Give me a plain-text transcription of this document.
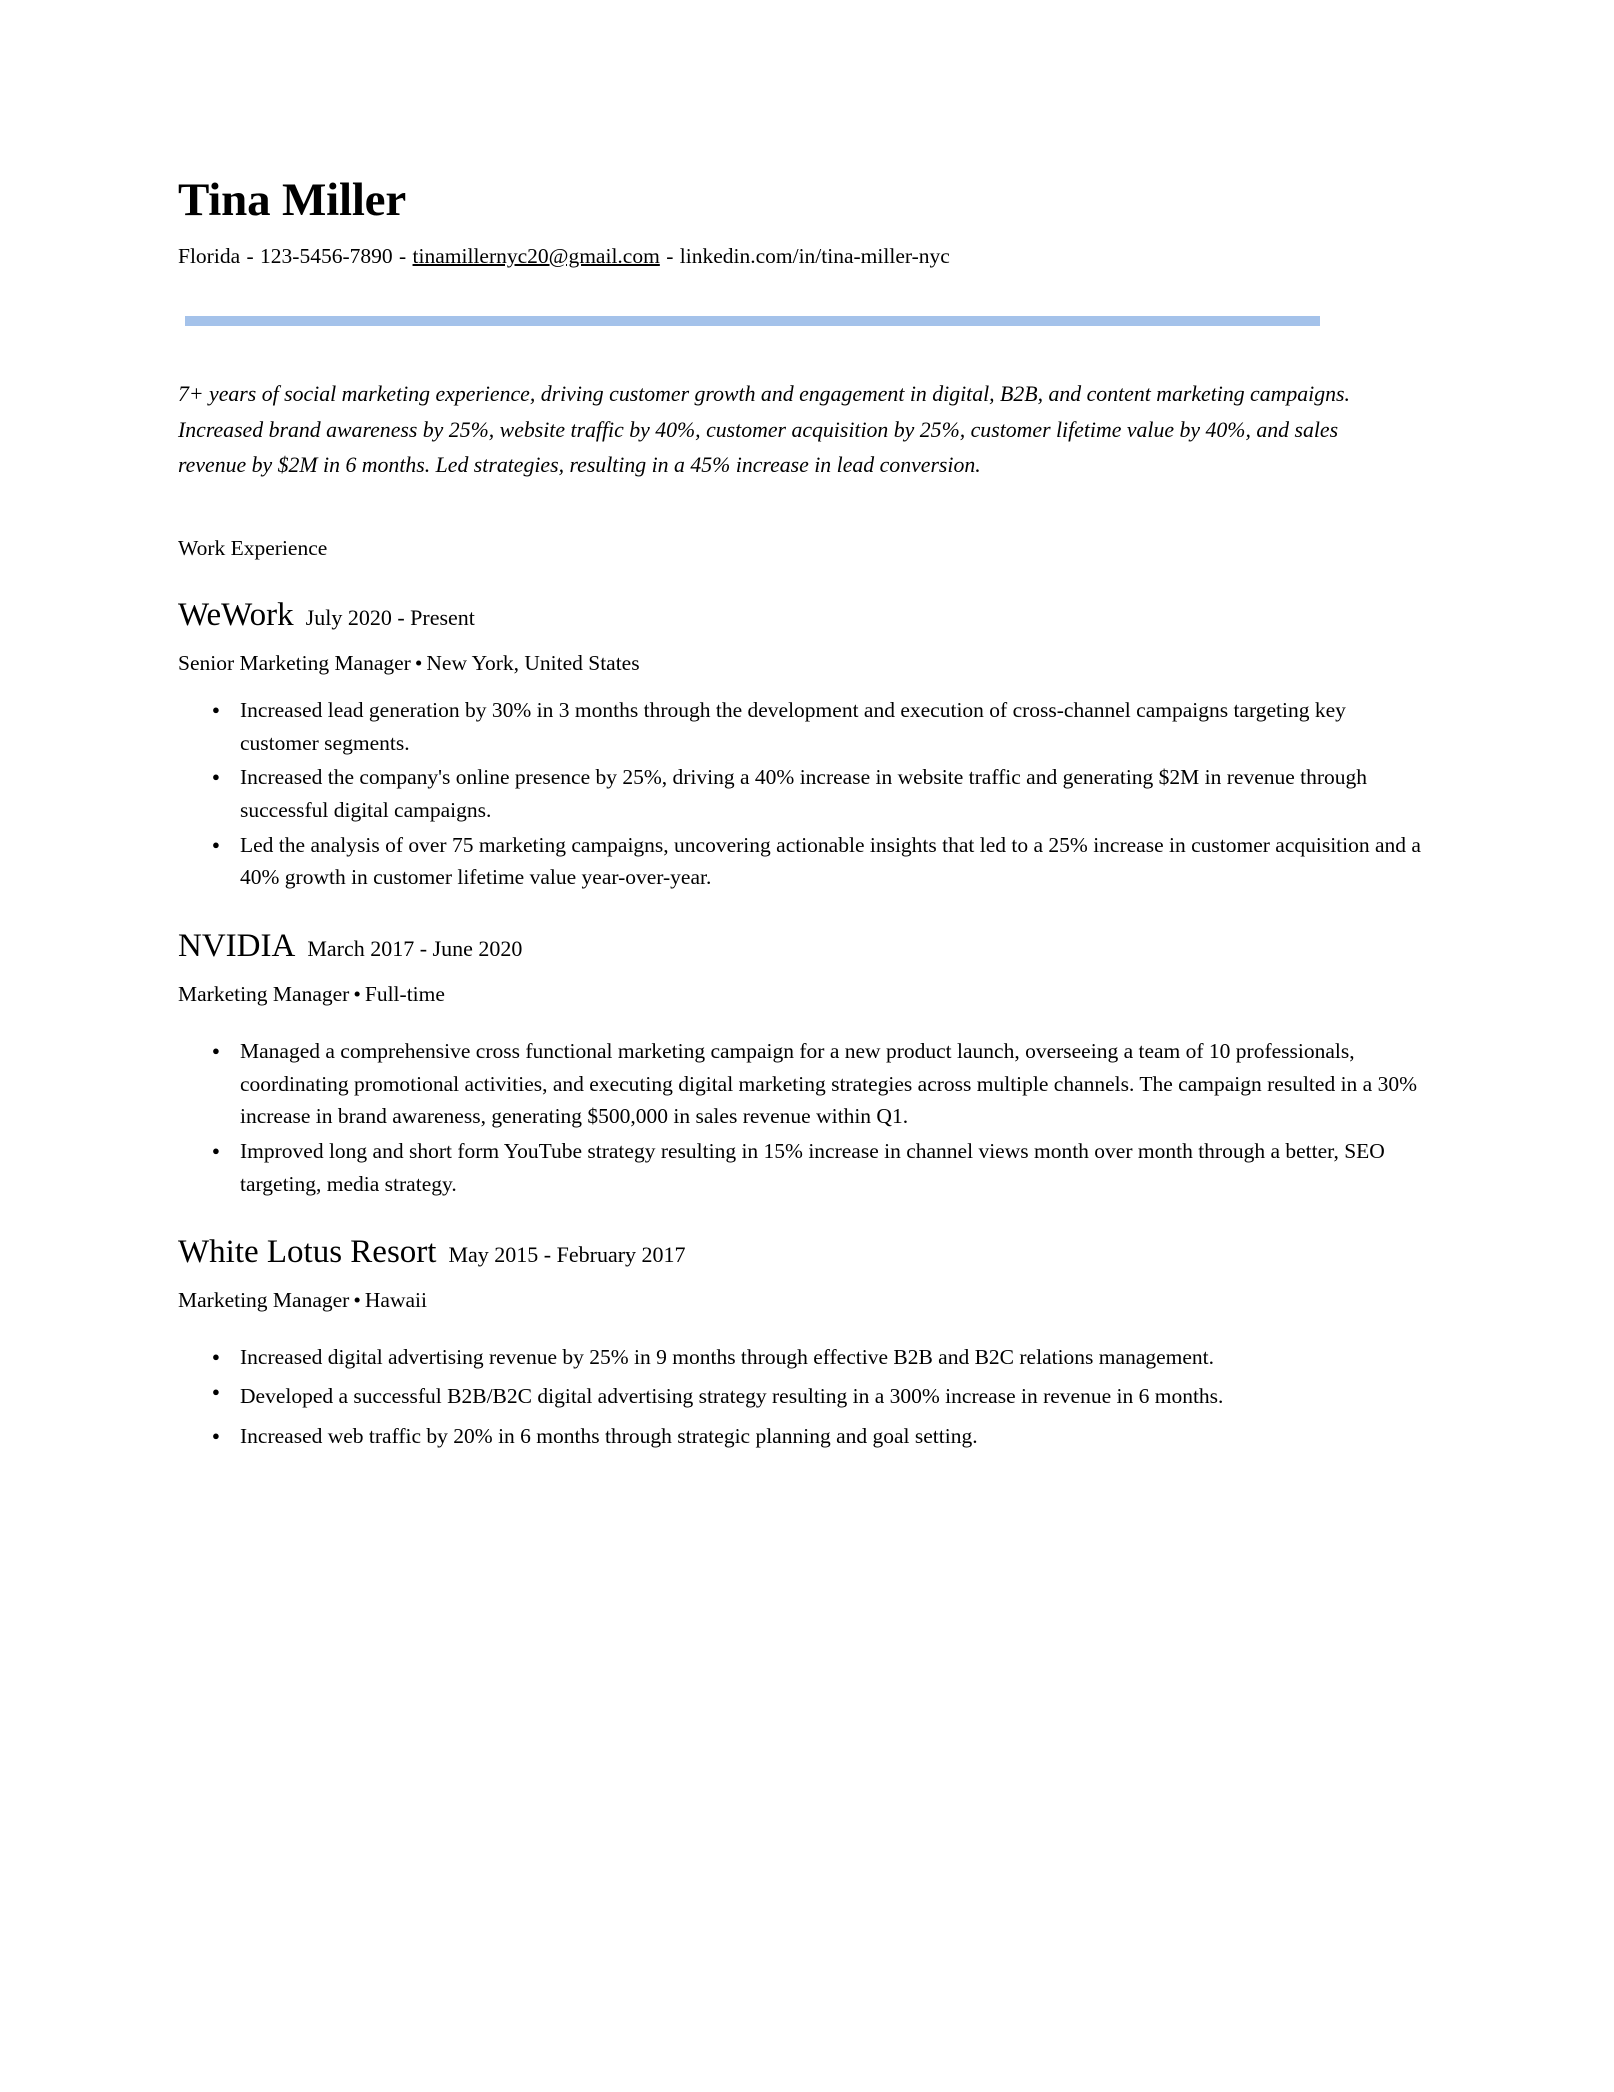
Tina Miller

Florida - 123-5456-7890 - tinamillernyc20@gmail.com - linkedin.com/in/tina-miller-nyc

7+ years of social marketing experience, driving customer growth and engagement in digital, B2B, and content marketing campaigns. Increased brand awareness by 25%, website traffic by 40%, customer acquisition by 25%, customer lifetime value by 40%, and sales revenue by $2M in 6 months. Led strategies, resulting in a 45% increase in lead conversion.

Work Experience
WeWork July 2020 - Present
Senior Marketing Manager • New York, United States
● Increased lead generation by 30% in 3 months through the development and execution of cross-channel campaigns targeting key customer segments.
● Increased the company's online presence by 25%, driving a 40% increase in website traffic and generating $2M in revenue through successful digital campaigns.
● Led the analysis of over 75 marketing campaigns, uncovering actionable insights that led to a 25% increase in customer acquisition and a 40% growth in customer lifetime value year-over-year.
NVIDIA March 2017 - June 2020
Marketing Manager • Full-time
● Managed a comprehensive cross functional marketing campaign for a new product launch, overseeing a team of 10 professionals, coordinating promotional activities, and executing digital marketing strategies across multiple channels. The campaign resulted in a 30% increase in brand awareness, generating $500,000 in sales revenue within Q1.
● Improved long and short form YouTube strategy resulting in 15% increase in channel views month over month through a better, SEO targeting, media strategy.
White Lotus Resort May 2015 - February 2017
Marketing Manager • Hawaii
● Increased digital advertising revenue by 25% in 9 months through effective B2B and B2C relations management.
● Developed a successful B2B/B2C digital advertising strategy resulting in a 300% increase in revenue in 6 months.
● Increased web traffic by 20% in 6 months through strategic planning and goal setting.
